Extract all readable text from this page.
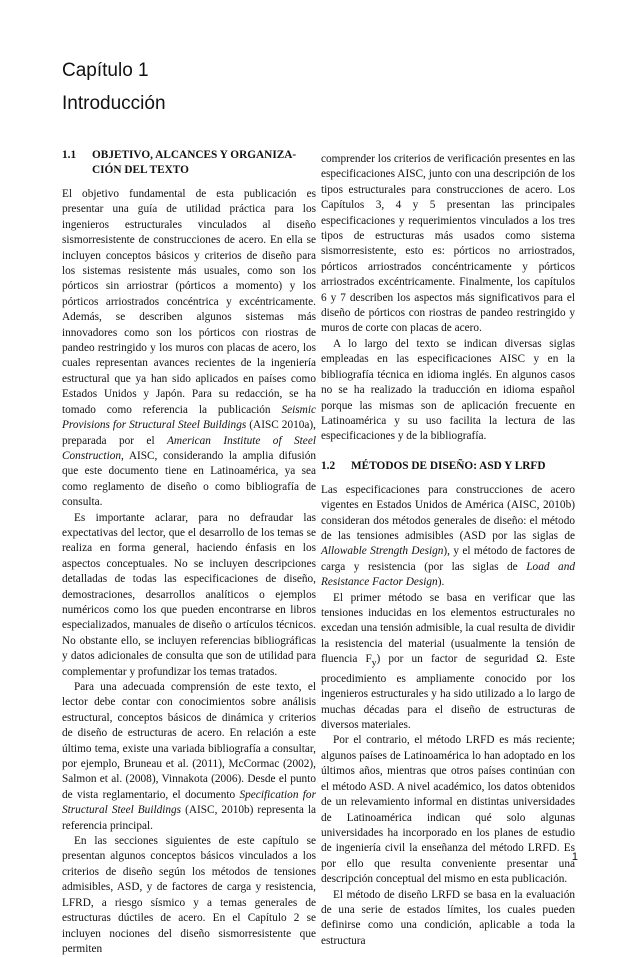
Capítulo 1
Introducción
1.1	OBJETIVO, ALCANCES Y ORGANIZA-CIÓN DEL TEXTO

El objetivo fundamental de esta publicación es presentar una guía de utilidad práctica para los ingenieros estructurales vinculados al diseño sismorresistente de construcciones de acero. En ella se incluyen conceptos básicos y criterios de diseño para los sistemas resistente más usuales, como son los pórticos sin arriostrar (pórticos a momento) y los pórticos arriostrados concéntrica y excéntricamente. Además, se describen algunos sistemas más innovadores como son los pórticos con riostras de pandeo restringido y los muros con placas de acero, los cuales representan avances recientes de la ingeniería estructural que ya han sido aplicados en países como Estados Unidos y Japón. Para su redacción, se ha tomado como referencia la publicación Seismic Provisions for Structural Steel Buildings (AISC 2010a), preparada por el American Institute of Steel Construction, AISC, considerando la amplia difusión que este documento tiene en Latinoamérica, ya sea como reglamento de diseño o como bibliografía de consulta.

Es importante aclarar, para no defraudar las expectativas del lector, que el desarrollo de los temas se realiza en forma general, haciendo énfasis en los aspectos conceptuales. No se incluyen descripciones detalladas de todas las especificaciones de diseño, demostraciones, desarrollos analíticos o ejemplos numéricos como los que pueden encontrarse en libros especializados, manuales de diseño o artículos técnicos. No obstante ello, se incluyen referencias bibliográficas y datos adicionales de consulta que son de utilidad para complementar y profundizar los temas tratados.

Para una adecuada comprensión de este texto, el lector debe contar con conocimientos sobre análisis estructural, conceptos básicos de dinámica y criterios de diseño de estructuras de acero. En relación a este último tema, existe una variada bibliografía a consultar, por ejemplo, Bruneau et al. (2011), McCormac (2002), Salmon et al. (2008), Vinnakota (2006). Desde el punto de vista reglamentario, el documento Specification for Structural Steel Buildings (AISC, 2010b) representa la referencia principal.

En las secciones siguientes de este capítulo se presentan algunos conceptos básicos vinculados a los criterios de diseño según los métodos de tensiones admisibles, ASD, y de factores de carga y resistencia, LFRD, a riesgo sísmico y a temas generales de estructuras dúctiles de acero. En el Capítulo 2 se incluyen nociones del diseño sismorresistente que permiten

comprender los criterios de verificación presentes en las especificaciones AISC, junto con una descripción de los tipos estructurales para construcciones de acero. Los Capítulos 3, 4 y 5 presentan las principales especificaciones y requerimientos vinculados a los tres tipos de estructuras más usados como sistema sismorresistente, esto es: pórticos no arriostrados, pórticos arriostrados concéntricamente y pórticos arriostrados excéntricamente. Finalmente, los capítulos 6 y 7 describen los aspectos más significativos para el diseño de pórticos con riostras de pandeo restringido y muros de corte con placas de acero.

A lo largo del texto se indican diversas siglas empleadas en las especificaciones AISC y en la bibliografía técnica en idioma inglés. En algunos casos no se ha realizado la traducción en idioma español porque las mismas son de aplicación frecuente en Latinoamérica y su uso facilita la lectura de las especificaciones y de la bibliografía.

1.2	MÉTODOS DE DISEÑO: ASD Y LRFD

Las especificaciones para construcciones de acero vigentes en Estados Unidos de América (AISC, 2010b) consideran dos métodos generales de diseño: el método de las tensiones admisibles (ASD por las siglas de Allowable Strength Design), y el método de factores de carga y resistencia (por las siglas de Load and Resistance Factor Design).

El primer método se basa en verificar que las tensiones inducidas en los elementos estructurales no excedan una tensión admisible, la cual resulta de dividir la resistencia del material (usualmente la tensión de fluencia $F_y$) por un factor de seguridad Ω. Este procedimiento es ampliamente conocido por los ingenieros estructurales y ha sido utilizado a lo largo de muchas décadas para el diseño de estructuras de diversos materiales.

Por el contrario, el método LRFD es más reciente; algunos países de Latinoamérica lo han adoptado en los últimos años, mientras que otros países continúan con el método ASD. A nivel académico, los datos obtenidos de un relevamiento informal en distintas universidades de Latinoamérica indican qué solo algunas universidades ha incorporado en los planes de estudio de ingeniería civil la enseñanza del método LRFD. Es por ello que resulta conveniente presentar una descripción conceptual del mismo en esta publicación.

El método de diseño LRFD se basa en la evaluación de una serie de estados límites, los cuales pueden definirse como una condición, aplicable a toda la estructura

1
